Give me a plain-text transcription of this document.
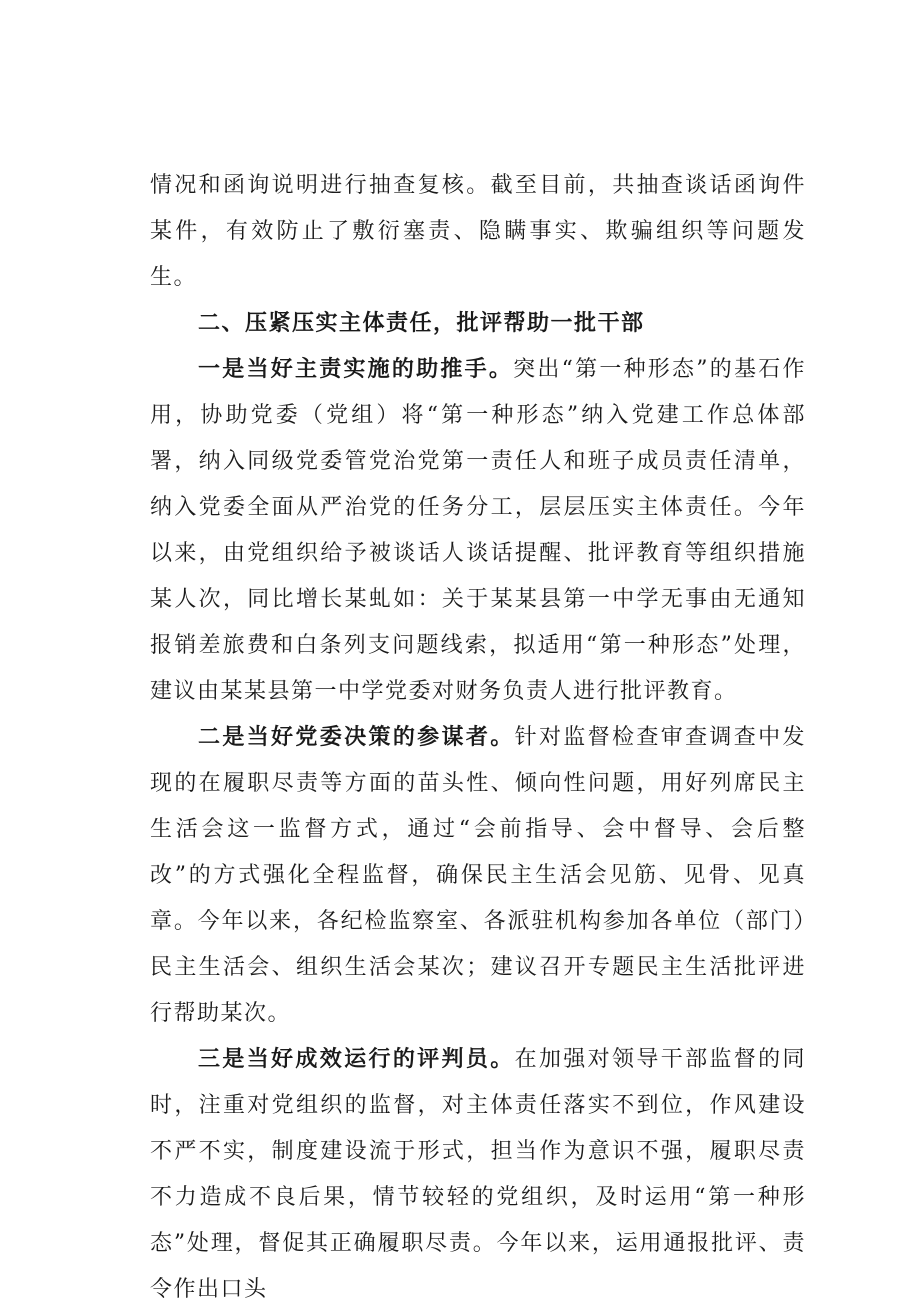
情况和函询说明进行抽查复核。截至目前，共抽查谈话函询件某件，有效防止了敷衍塞责、隐瞒事实、欺骗组织等问题发生。

二、压紧压实主体责任，批评帮助一批干部

一是当好主责实施的助推手。突出“第一种形态”的基石作用，协助党委（党组）将“第一种形态”纳入党建工作总体部署，纳入同级党委管党治党第一责任人和班子成员责任清单，纳入党委全面从严治党的任务分工，层层压实主体责任。今年以来，由党组织给予被谈话人谈话提醒、批评教育等组织措施某人次，同比增长某虬如：关于某某县第一中学无事由无通知报销差旅费和白条列支问题线索，拟适用“第一种形态”处理，建议由某某县第一中学党委对财务负责人进行批评教育。

二是当好党委决策的参谋者。针对监督检查审查调查中发现的在履职尽责等方面的苗头性、倾向性问题，用好列席民主生活会这一监督方式，通过“会前指导、会中督导、会后整改”的方式强化全程监督，确保民主生活会见筋、见骨、见真章。今年以来，各纪检监察室、各派驻机构参加各单位（部门）民主生活会、组织生活会某次；建议召开专题民主生活批评进行帮助某次。

三是当好成效运行的评判员。在加强对领导干部监督的同时，注重对党组织的监督，对主体责任落实不到位，作风建设不严不实，制度建设流于形式，担当作为意识不强，履职尽责不力造成不良后果，情节较轻的党组织，及时运用“第一种形态”处理，督促其正确履职尽责。今年以来，运用通报批评、责令作出口头
